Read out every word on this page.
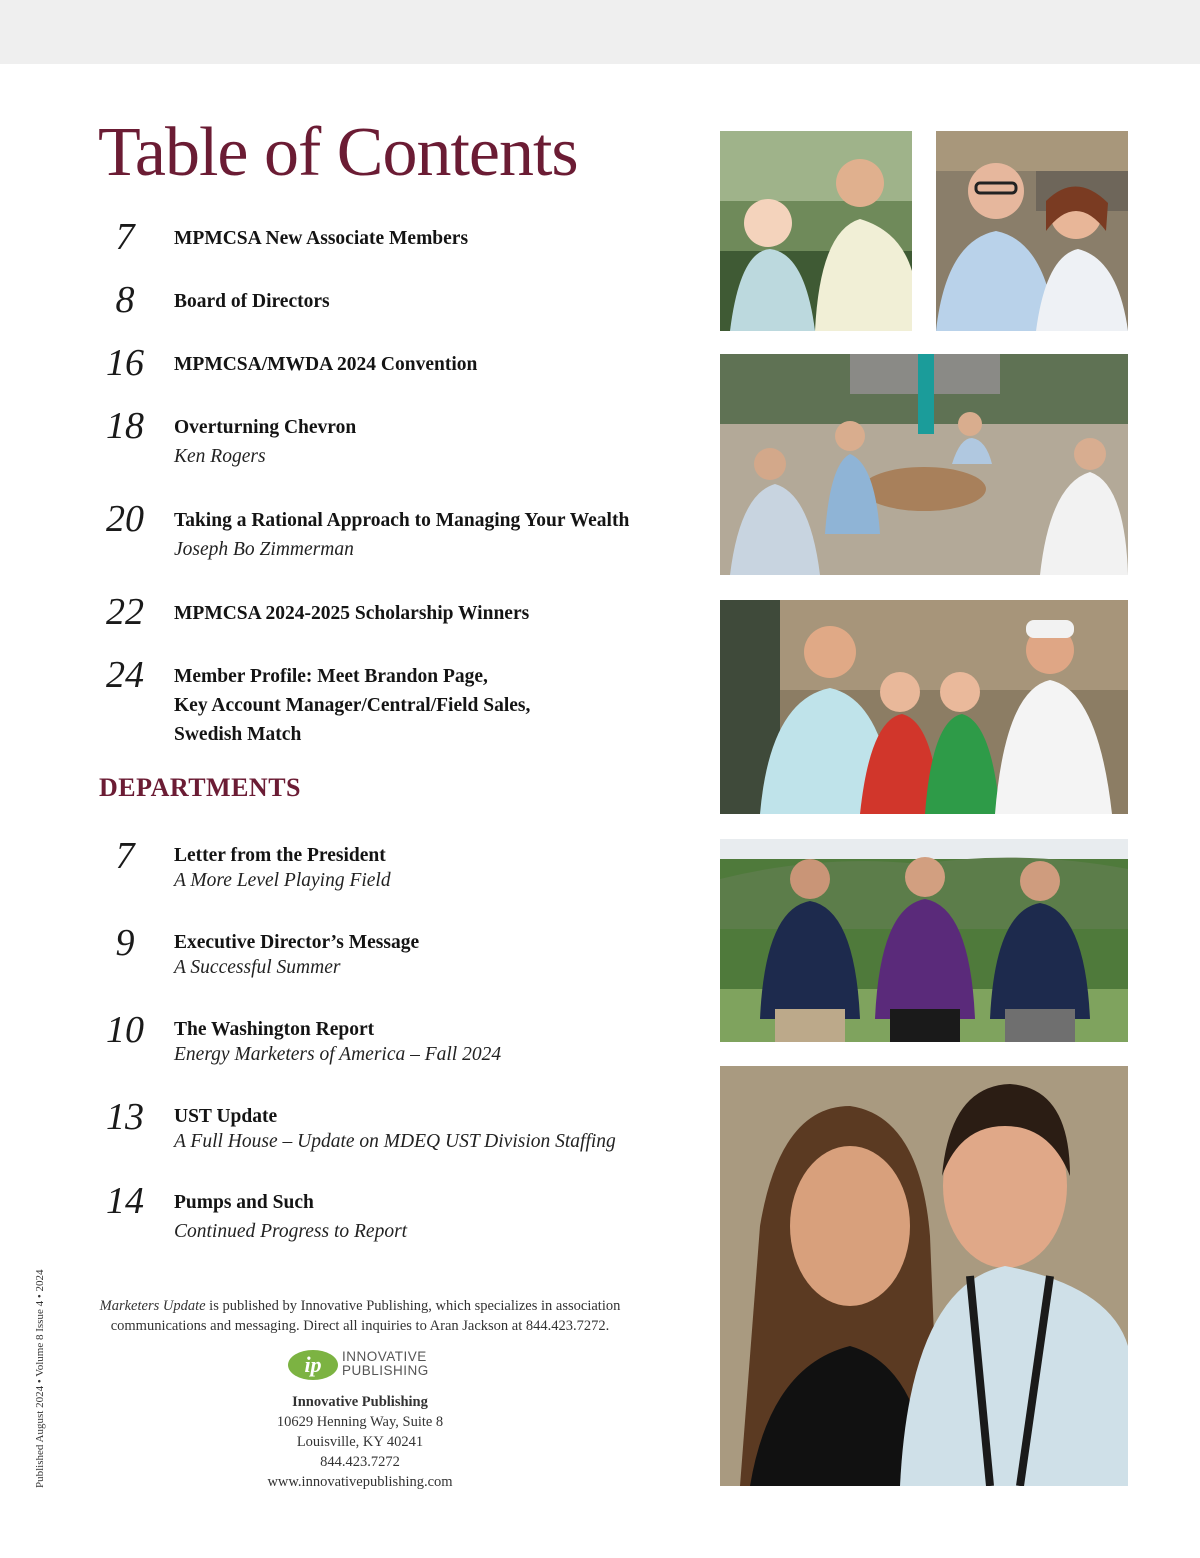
Table of Contents
7	MPMCSA New Associate Members
8	Board of Directors
16	MPMCSA/MWDA 2024 Convention
18	Overturning Chevron
Ken Rogers
20	Taking a Rational Approach to Managing Your Wealth
Joseph Bo Zimmerman
22	MPMCSA 2024-2025 Scholarship Winners
24	Member Profile: Meet Brandon Page,
Key Account Manager/Central/Field Sales,
Swedish Match
DEPARTMENTS
7	Letter from the President
A More Level Playing Field
9	Executive Director’s Message
A Successful Summer
10	The Washington Report
Energy Marketers of America – Fall 2024
13	UST Update
A Full House – Update on MDEQ UST Division Staffing
14	Pumps and Such
Continued Progress to Report
Marketers Update is published by Innovative Publishing, which specializes in association communications and messaging. Direct all inquiries to Aran Jackson at 844.423.7272.
ip	INNOVATIVE
PUBLISHING
Innovative Publishing
10629 Henning Way, Suite 8
Louisville, KY 40241
844.423.7272
www.innovativepublishing.com
Published August 2024 • Volume 8 Issue 4 • 2024
